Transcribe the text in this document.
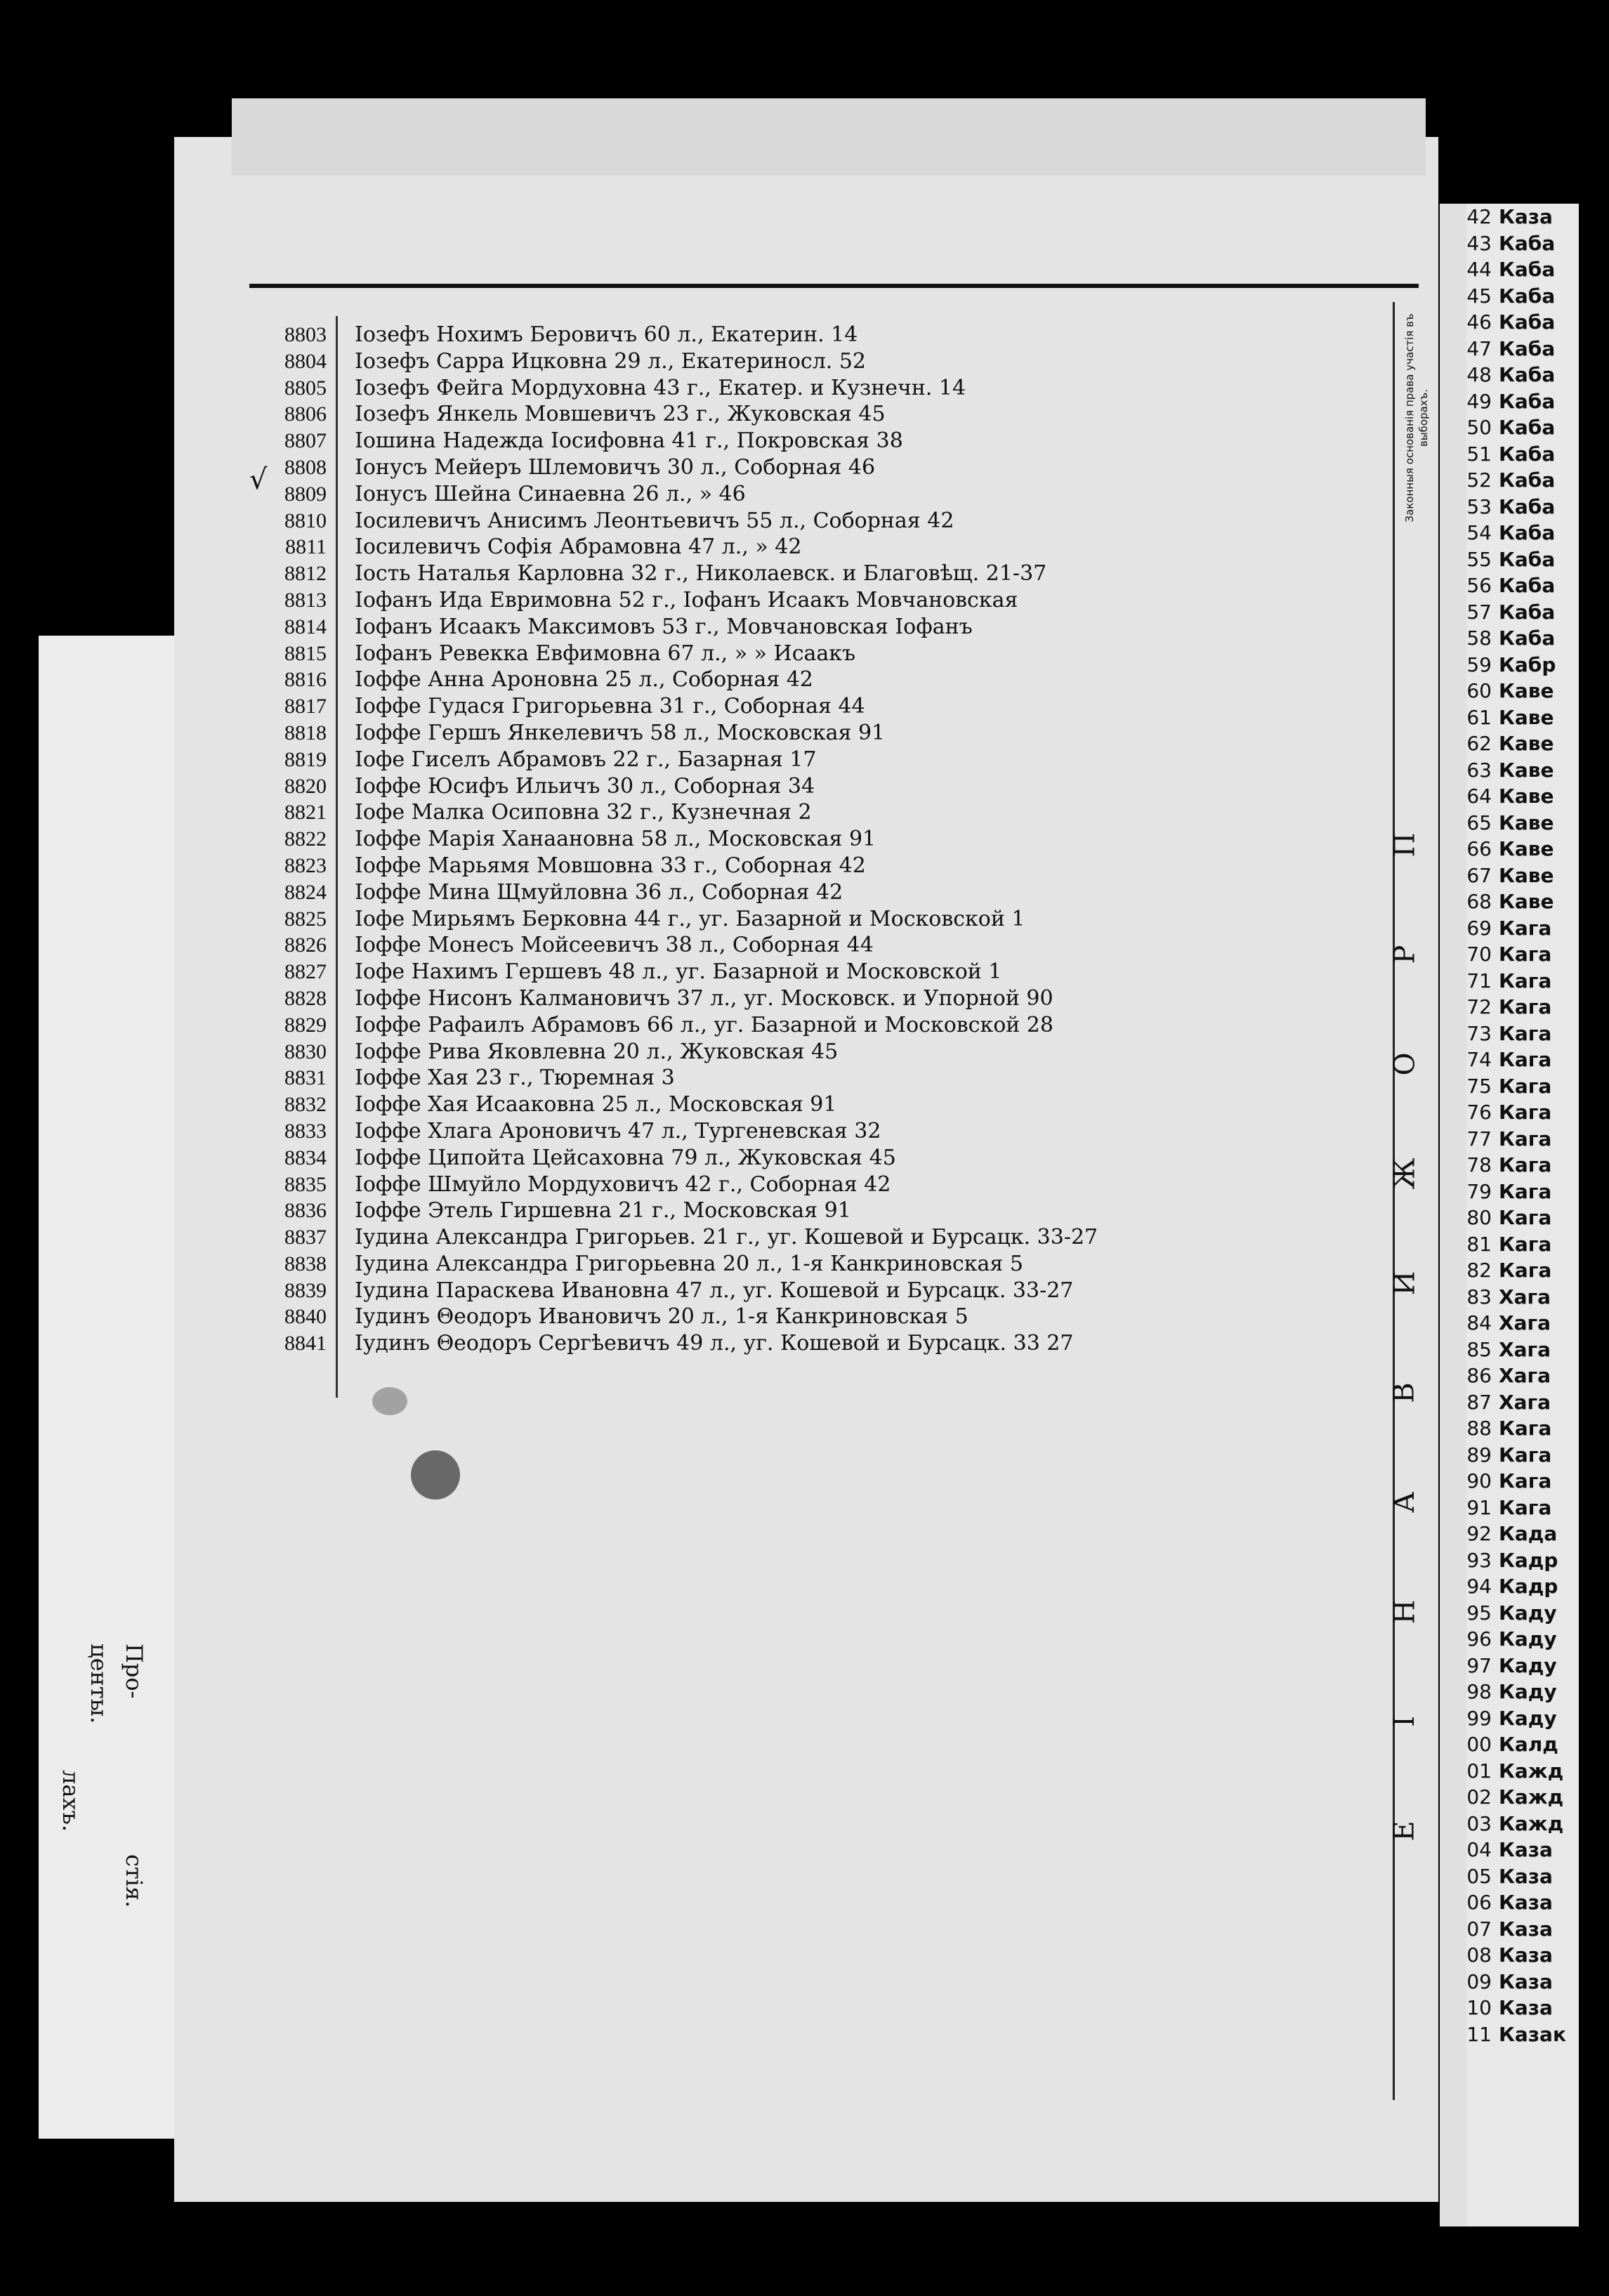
Про-
центы.
лахъ.
стія.
√
8803 Iозефъ Нохимъ Беровичъ 60 л., Екатерин. 14
8804 Iозефъ Сарра Ицковна 29 л., Екатериносл. 52
8805 Iозефъ Фейга Мордуховна 43 г., Екатер. и Кузнечн. 14
8806 Iозефъ Янкель Мовшевичъ 23 г., Жуковская 45
8807 Iошина Надежда Iосифовна 41 г., Покровская 38
8808 Iонусъ Мейеръ Шлемовичъ 30 л., Соборная 46
8809 Iонусъ Шейна Синаевна 26 л., » 46
8810 Iосилевичъ Анисимъ Леонтьевичъ 55 л., Соборная 42
8811 Iосилевичъ Софія Абрамовна 47 л., » 42
8812 Iость Наталья Карловна 32 г., Николаевск. и Благовѣщ. 21-37
8813 Iофанъ Ида Евримовна 52 г., Iофанъ Исаакъ Мовчановская
8814 Iофанъ Исаакъ Максимовъ 53 г., Мовчановская Iофанъ
8815 Iофанъ Ревекка Евфимовна 67 л., » » Исаакъ
8816 Iоффе Анна Ароновна 25 л., Соборная 42
8817 Iоффе Гудася Григорьевна 31 г., Соборная 44
8818 Iоффе Гершъ Янкелевичъ 58 л., Московская 91
8819 Iофе Гиселъ Абрамовъ 22 г., Базарная 17
8820 Iоффе Юсифъ Ильичъ 30 л., Соборная 34
8821 Iофе Малка Осиповна 32 г., Кузнечная 2
8822 Iоффе Марія Ханаановна 58 л., Московская 91
8823 Iоффе Марьямя Мовшовна 33 г., Соборная 42
8824 Iоффе Мина Щмуйловна 36 л., Соборная 42
8825 Iофе Мирьямъ Берковна 44 г., уг. Базарной и Московской 1
8826 Iоффе Монесъ Мойсеевичъ 38 л., Соборная 44
8827 Iофе Нахимъ Гершевъ 48 л., уг. Базарной и Московской 1
8828 Iоффе Нисонъ Калмановичъ 37 л., уг. Московск. и Упорной 90
8829 Iоффе Рафаилъ Абрамовъ 66 л., уг. Базарной и Московской 28
8830 Iоффе Рива Яковлевна 20 л., Жуковская 45
8831 Iоффе Хая 23 г., Тюремная 3
8832 Iоффе Хая Исааковна 25 л., Московская 91
8833 Iоффе Хлага Ароновичъ 47 л., Тургеневская 32
8834 Iоффе Ципойта Цейсаховна 79 л., Жуковская 45
8835 Iоффе Шмуйло Мордуховичъ 42 г., Соборная 42
8836 Iоффе Этель Гиршевна 21 г., Московская 91
8837 Iудина Александра Григорьев. 21 г., уг. Кошевой и Бурсацк. 33-27
8838 Iудина Александра Григорьевна 20 л., 1-я Канкриновская 5
8839 Iудина Параскева Ивановна 47 л., уг. Кошевой и Бурсацк. 33-27
8840 Iудинъ Θеодоръ Ивановичъ 20 л., 1-я Канкриновская 5
8841 Iудинъ Θеодоръ Сергѣевичъ 49 л., уг. Кошевой и Бурсацк. 33 27
Законныя основанія права участія въ выборахъ.
П
Р
О
Ж
И
В
А
Н
І
Е
42 Каза
43 Каба
44 Каба
45 Каба
46 Каба
47 Каба
48 Каба
49 Каба
50 Каба
51 Каба
52 Каба
53 Каба
54 Каба
55 Каба
56 Каба
57 Каба
58 Каба
59 Кабр
60 Каве
61 Каве
62 Каве
63 Каве
64 Каве
65 Каве
66 Каве
67 Каве
68 Каве
69 Кага
70 Кага
71 Кага
72 Кага
73 Кага
74 Кага
75 Кага
76 Кага
77 Кага
78 Кага
79 Кага
80 Кага
81 Кага
82 Кага
83 Хага
84 Хага
85 Хага
86 Хага
87 Хага
88 Кага
89 Кага
90 Кага
91 Кага
92 Када
93 Кадр
94 Кадр
95 Каду
96 Каду
97 Каду
98 Каду
99 Каду
00 Калд
01 Кажд
02 Кажд
03 Кажд
04 Каза
05 Каза
06 Каза
07 Каза
08 Каза
09 Каза
10 Каза
11 Казак
